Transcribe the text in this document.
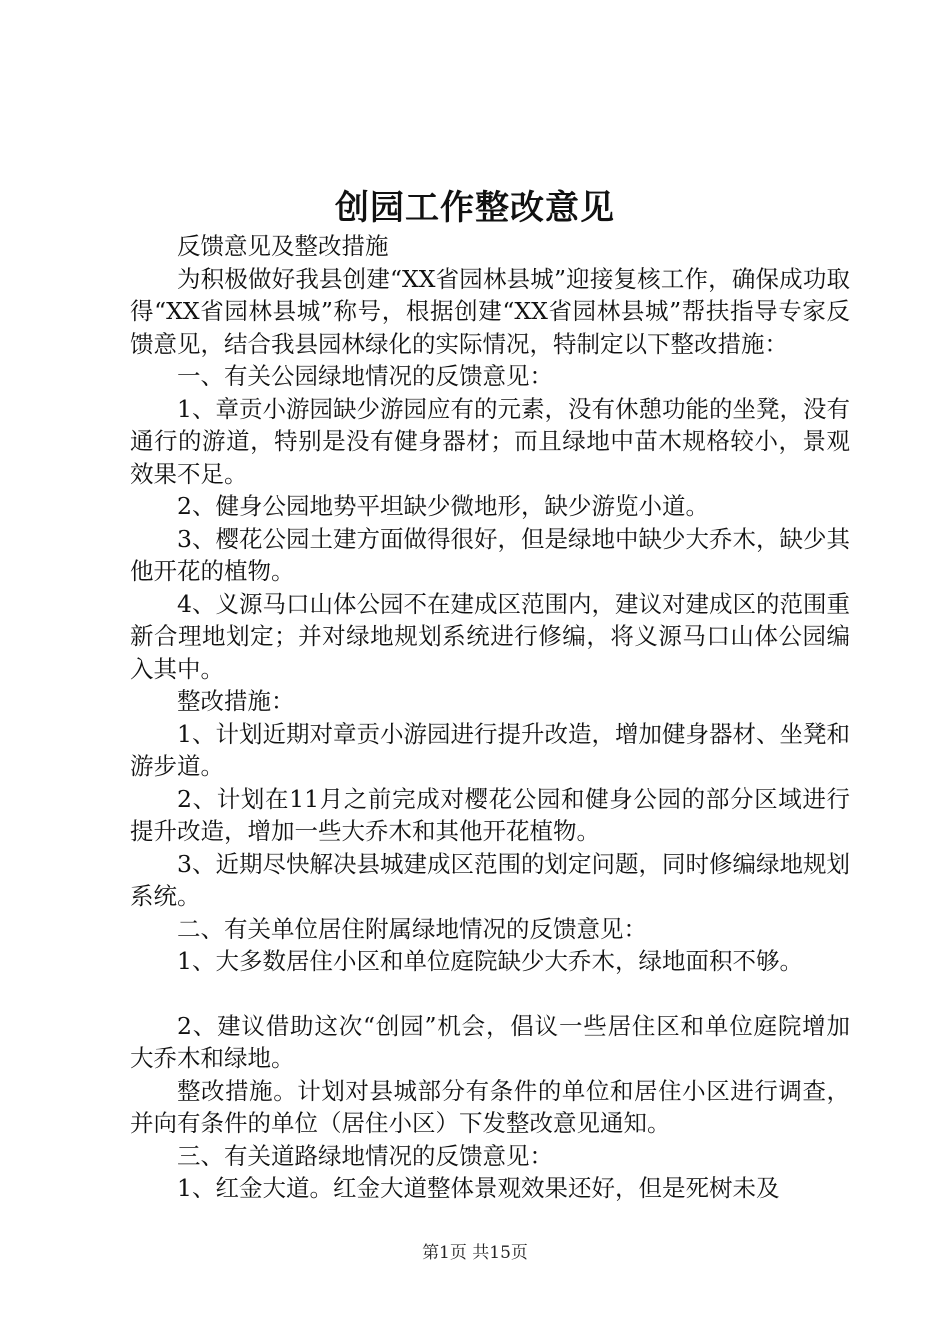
创园工作整改意见

反馈意见及整改措施

为积极做好我县创建“XX省园林县城”迎接复核工作，确保成功取得“XX省园林县城”称号，根据创建“XX省园林县城”帮扶指导专家反馈意见，结合我县园林绿化的实际情况，特制定以下整改措施：

一、有关公园绿地情况的反馈意见：

1、章贡小游园缺少游园应有的元素，没有休憩功能的坐凳，没有通行的游道，特别是没有健身器材；而且绿地中苗木规格较小，景观效果不足。

2、健身公园地势平坦缺少微地形，缺少游览小道。

3、樱花公园土建方面做得很好，但是绿地中缺少大乔木，缺少其他开花的植物。

4、义源马口山体公园不在建成区范围内，建议对建成区的范围重新合理地划定；并对绿地规划系统进行修编，将义源马口山体公园编入其中。

整改措施：

1、计划近期对章贡小游园进行提升改造，增加健身器材、坐凳和游步道。

2、计划在11月之前完成对樱花公园和健身公园的部分区域进行提升改造，增加一些大乔木和其他开花植物。

3、近期尽快解决县城建成区范围的划定问题，同时修编绿地规划系统。

二、有关单位居住附属绿地情况的反馈意见：

1、大多数居住小区和单位庭院缺少大乔木，绿地面积不够。

2、建议借助这次“创园”机会，倡议一些居住区和单位庭院增加大乔木和绿地。

整改措施。计划对县城部分有条件的单位和居住小区进行调查，并向有条件的单位（居住小区）下发整改意见通知。

三、有关道路绿地情况的反馈意见：

1、红金大道。红金大道整体景观效果还好，但是死树未及

第1页 共15页
